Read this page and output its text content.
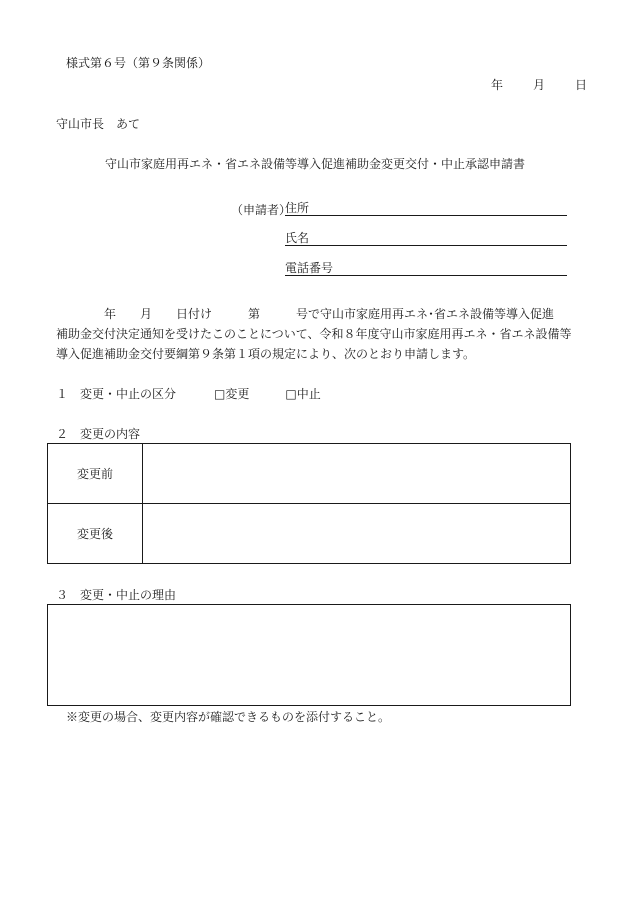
様式第６号（第９条関係）
年	月	日
守山市長　あて
守山市家庭用再エネ・省エネ設備等導入促進補助金変更交付・中止承認申請書
（申請者）
住所
氏名
電話番号
　　　　年　　月　　日付け　　　第　　　号で守山市家庭用再エネ･省エネ設備等導入促進
補助金交付決定通知を受けたこのことについて、令和８年度守山市家庭用再エネ・省エネ設備等
導入促進補助金交付要綱第９条第１項の規定により、次のとおり申請します。
１　変更・中止の区分	□変更	□中止
２　変更の内容
変更前	
変更後	
３　変更・中止の理由
※変更の場合、変更内容が確認できるものを添付すること。
